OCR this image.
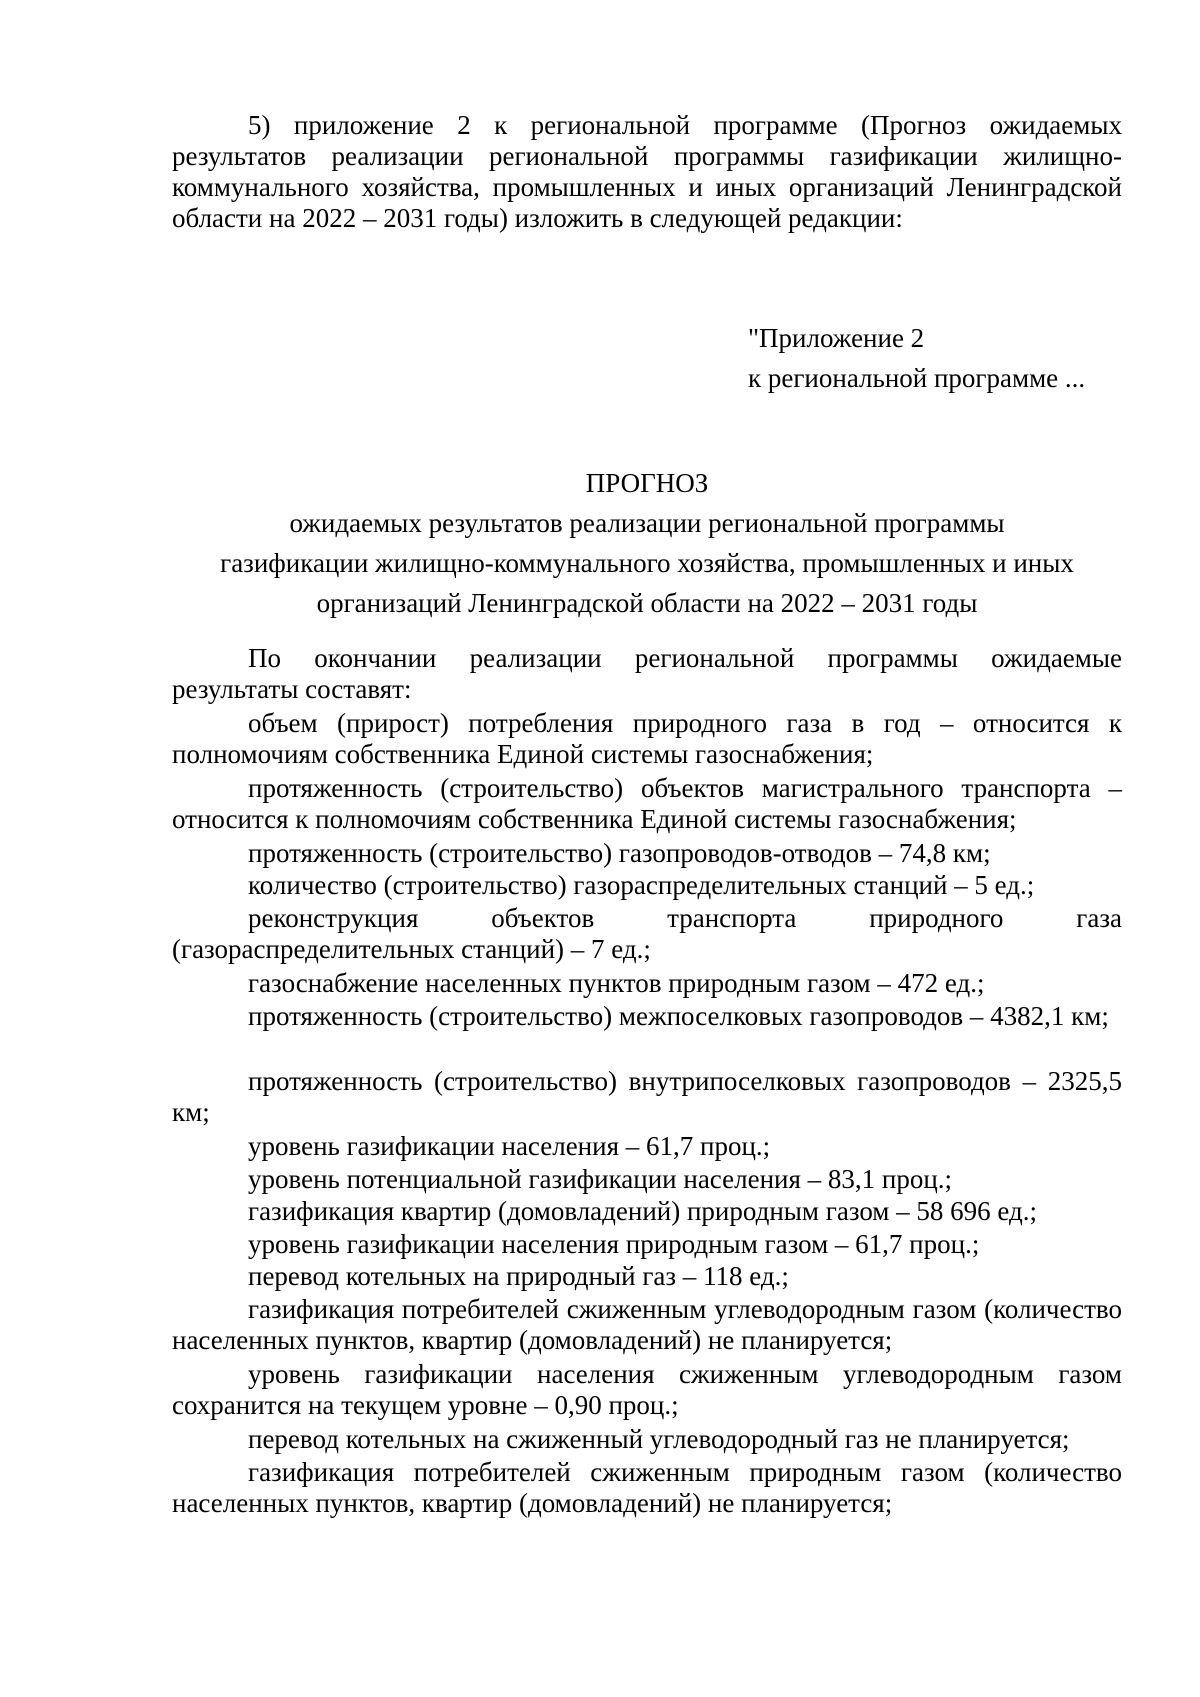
5) приложение 2 к региональной программе (Прогноз ожидаемых результатов реализации региональной программы газификации жилищно-коммунального хозяйства, промышленных и иных организаций Ленинградской области на 2022 – 2031 годы) изложить в следующей редакции:

"Приложение 2
к региональной программе ...
ПРОГНОЗ
ожидаемых результатов реализации региональной программы
газификации жилищно-коммунального хозяйства, промышленных и иных
организаций Ленинградской области на 2022 – 2031 годы

По окончании реализации региональной программы ожидаемые результаты составят:

объем (прирост) потребления природного газа в год – относится к полномочиям собственника Единой системы газоснабжения;

протяженность (строительство) объектов магистрального транспорта – относится к полномочиям собственника Единой системы газоснабжения;

протяженность (строительство) газопроводов-отводов – 74,8 км;

количество (строительство) газораспределительных станций – 5 ед.;

реконструкция объектов транспорта природного газа (газораспределительных станций) – 7 ед.;

газоснабжение населенных пунктов природным газом – 472 ед.;

протяженность (строительство) межпоселковых газопроводов – 4382,1 км;

протяженность (строительство) внутрипоселковых газопроводов – 2325,5 км;

уровень газификации населения – 61,7 проц.;

уровень потенциальной газификации населения – 83,1 проц.;

газификация квартир (домовладений) природным газом – 58 696 ед.;

уровень газификации населения природным газом – 61,7 проц.;

перевод котельных на природный газ – 118 ед.;

газификация потребителей сжиженным углеводородным газом (количество населенных пунктов, квартир (домовладений) не планируется;

уровень газификации населения сжиженным углеводородным газом сохранится на текущем уровне – 0,90 проц.;

перевод котельных на сжиженный углеводородный газ не планируется;

газификация потребителей сжиженным природным газом (количество населенных пунктов, квартир (домовладений) не планируется;
